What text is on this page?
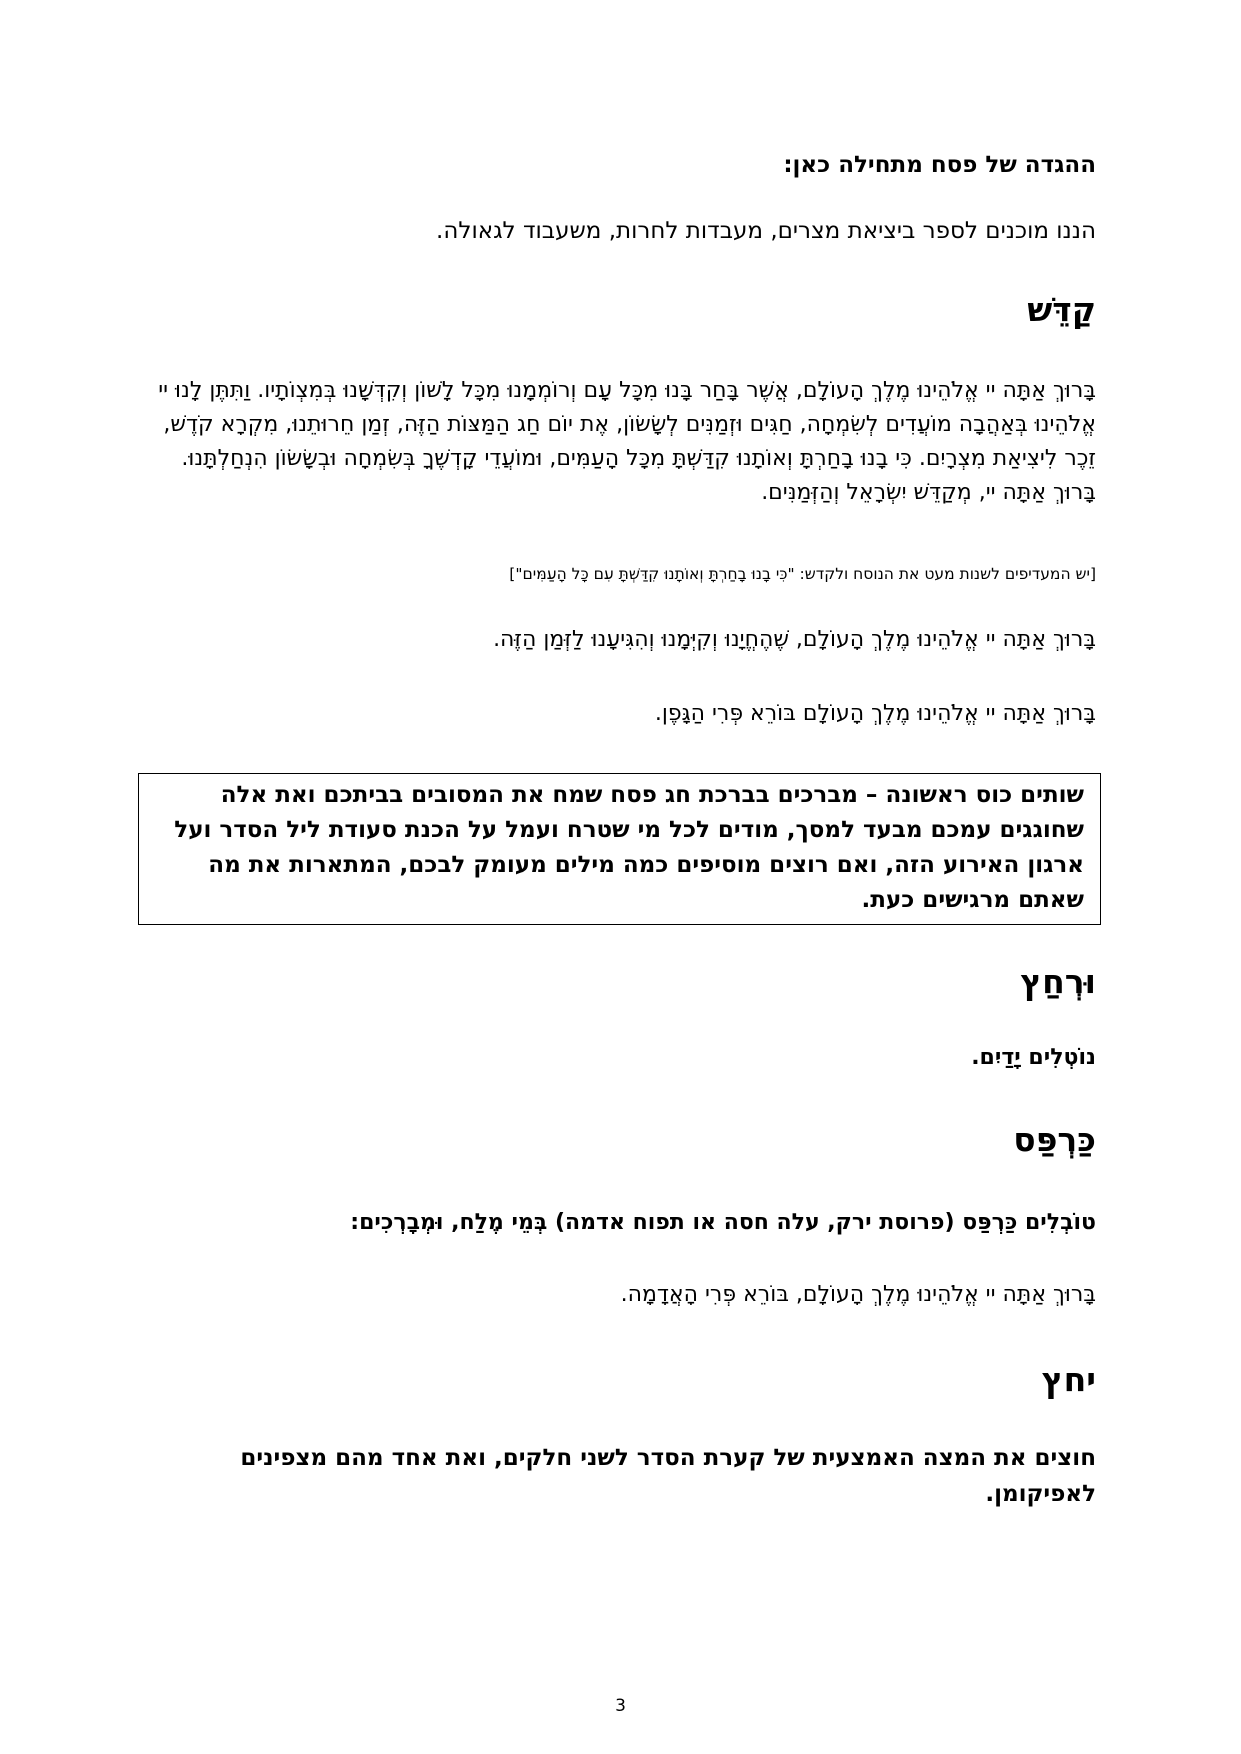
ההגדה של פסח מתחילה כאן:
הננו מוכנים לספר ביציאת מצרים, מעבדות לחרות, משעבוד לגאולה.
קַדֵּשׁ

בָּרוּךְ אַתָּה יי אֱלֹהֵינוּ מֶלֶךְ הָעוֹלָם, אֲשֶׁר בָּחַר בָּנוּ מִכָּל עָם וְרוֹמְמָנוּ מִכָּל לָשׁוֹן וְקִדְּשָׁנוּ בְּמִצְוֹתָיו. וַתִּתֶּן לָנוּ יי אֱלֹהֵינוּ בְּאַהֲבָה מוֹעֲדִים לְשִׂמְחָה, חַגִּים וּזְמַנִּים לְשָׂשׂוֹן, אֶת יוֹם חַג הַמַּצּוֹת הַזֶּה, זְמַן חֵרוּתֵנוּ, מִקְרָא קֹדֶשׁ, זֵכֶר לִיצִיאַת מִצְרָיִם. כִּי בָנוּ בָחַרְתָּ וְאוֹתָנוּ קִדַּשְׁתָּ מִכָּל הָעַמִּים, וּמוֹעֲדֵי קָדְשֶׁךָ בְּשִׂמְחָה וּבְשָׂשׂוֹן הִנְחַלְתָּנוּ. בָּרוּךְ אַתָּה יי, מְקַדֵּשׁ יִשְׂרָאֵל וְהַזְּמַנִּים.

[יש המעדיפים לשנות מעט את הנוסח ולקדש: "כִּי בָנוּ בָחַרְתָּ וְאוֹתָנוּ קִדַּשְׁתָּ עִם כָּל הָעַמִּים"]

בָּרוּךְ אַתָּה יי אֱלֹהֵינוּ מֶלֶךְ הָעוֹלָם, שֶׁהֶחֱיָנוּ וְקִיְּמָנוּ וְהִגִּיעָנוּ לַזְּמַן הַזֶּה.

בָּרוּךְ אַתָּה יי אֱלֹהֵינוּ מֶלֶךְ הָעוֹלָם בּוֹרֵא פְּרִי הַגָּפֶן.

וּרְחַץ
נוֹטְלִים יָדַיִם.
כַּרְפַּס
טוֹבְלִים כַּרְפַּס (פרוסת ירק, עלה חסה או תפוח אדמה) בְּמֵי מֶלַח, וּמְבָרְכִים:

בָּרוּךְ אַתָּה יי אֱלֹהֵינוּ מֶלֶךְ הָעוֹלָם, בּוֹרֵא פְּרִי הָאֲדָמָה.

יחץ
חוצים את המצה האמצעית של קערת הסדר לשני חלקים, ואת אחד מהם מצפינים לאפיקומן.
שותים כוס ראשונה – מברכים בברכת חג פסח שמח את המסובים בביתכם ואת אלה שחוגגים עמכם מבעד למסך, מודים לכל מי שטרח ועמל על הכנת סעודת ליל הסדר ועל ארגון האירוע הזה, ואם רוצים מוסיפים כמה מילים מעומק לבכם, המתארות את מה שאתם מרגישים כעת.
3
